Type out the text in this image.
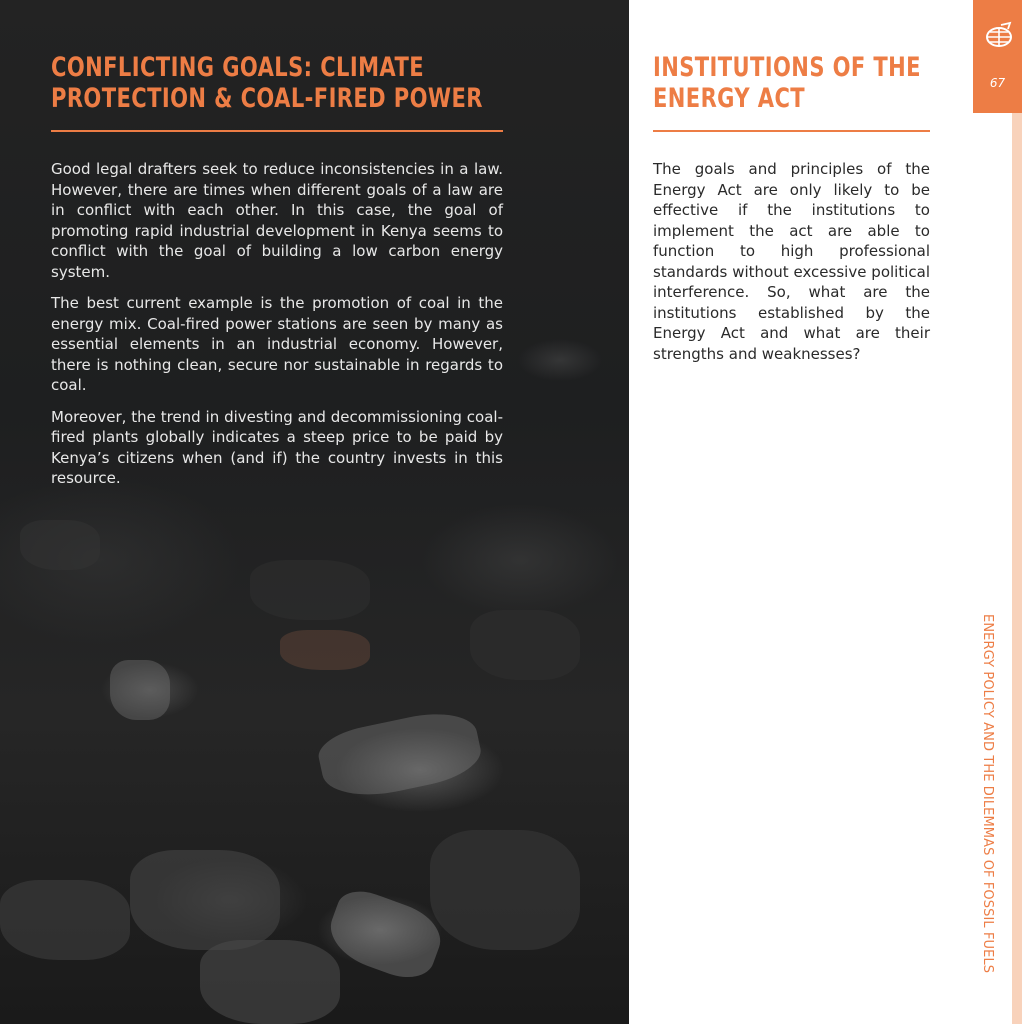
CONFLICTING GOALS: CLIMATE PROTECTION & COAL-FIRED POWER

Good legal drafters seek to reduce inconsistencies in a law. However, there are times when different goals of a law are in conflict with each other. In this case, the goal of promoting rapid industrial development in Kenya seems to conflict with the goal of building a low carbon energy system.

The best current example is the promotion of coal in the energy mix. Coal-fired power stations are seen by many as essential elements in an industrial economy. However, there is nothing clean, secure nor sustainable in regards to coal.

Moreover, the trend in divesting and decommissioning coal-fired plants globally indicates a steep price to be paid by Kenya’s citizens when (and if) the country invests in this resource.

INSTITUTIONS OF THE ENERGY ACT

The goals and principles of the Energy Act are only likely to be effective if the institutions to implement the act are able to function to high professional standards without excessive political interference. So, what are the institutions established by the Energy Act and what are their strengths and weaknesses?

67
ENERGY POLICY AND THE DILEMMAS OF FOSSIL FUELS
